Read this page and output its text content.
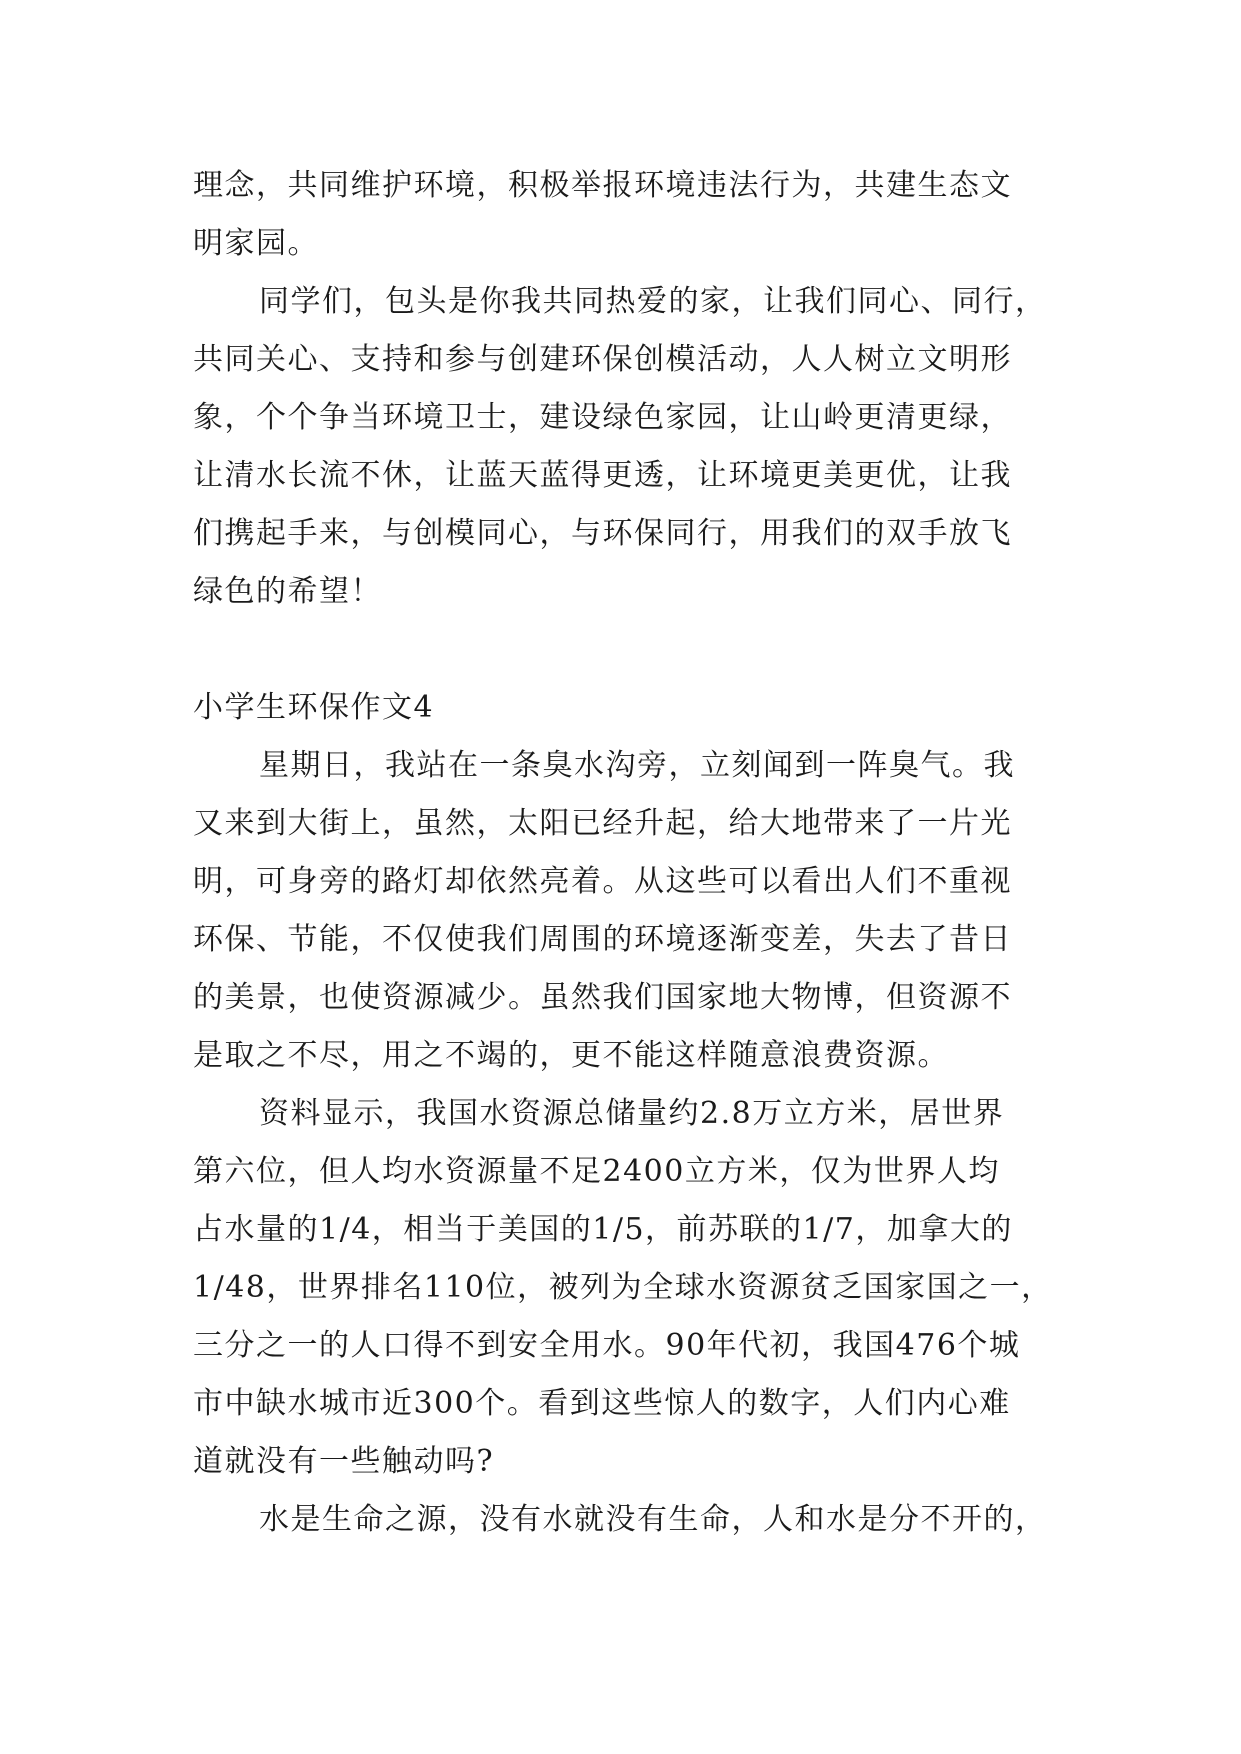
理念，共同维护环境，积极举报环境违法行为，共建生态文
明家园。
同学们，包头是你我共同热爱的家，让我们同心、同行，
共同关心、支持和参与创建环保创模活动，人人树立文明形
象，个个争当环境卫士，建设绿色家园，让山岭更清更绿，
让清水长流不休，让蓝天蓝得更透，让环境更美更优，让我
们携起手来，与创模同心，与环保同行，用我们的双手放飞
绿色的希望！
小学生环保作文4
星期日，我站在一条臭水沟旁，立刻闻到一阵臭气。我
又来到大街上，虽然，太阳已经升起，给大地带来了一片光
明，可身旁的路灯却依然亮着。从这些可以看出人们不重视
环保、节能，不仅使我们周围的环境逐渐变差，失去了昔日
的美景，也使资源减少。虽然我们国家地大物博，但资源不
是取之不尽，用之不竭的，更不能这样随意浪费资源。
资料显示，我国水资源总储量约2.8万立方米，居世界
第六位，但人均水资源量不足2400立方米，仅为世界人均
占水量的1/4，相当于美国的1/5，前苏联的1/7，加拿大的
1/48，世界排名110位，被列为全球水资源贫乏国家国之一，
三分之一的人口得不到安全用水。90年代初，我国476个城
市中缺水城市近300个。看到这些惊人的数字，人们内心难
道就没有一些触动吗?
水是生命之源，没有水就没有生命，人和水是分不开的，
